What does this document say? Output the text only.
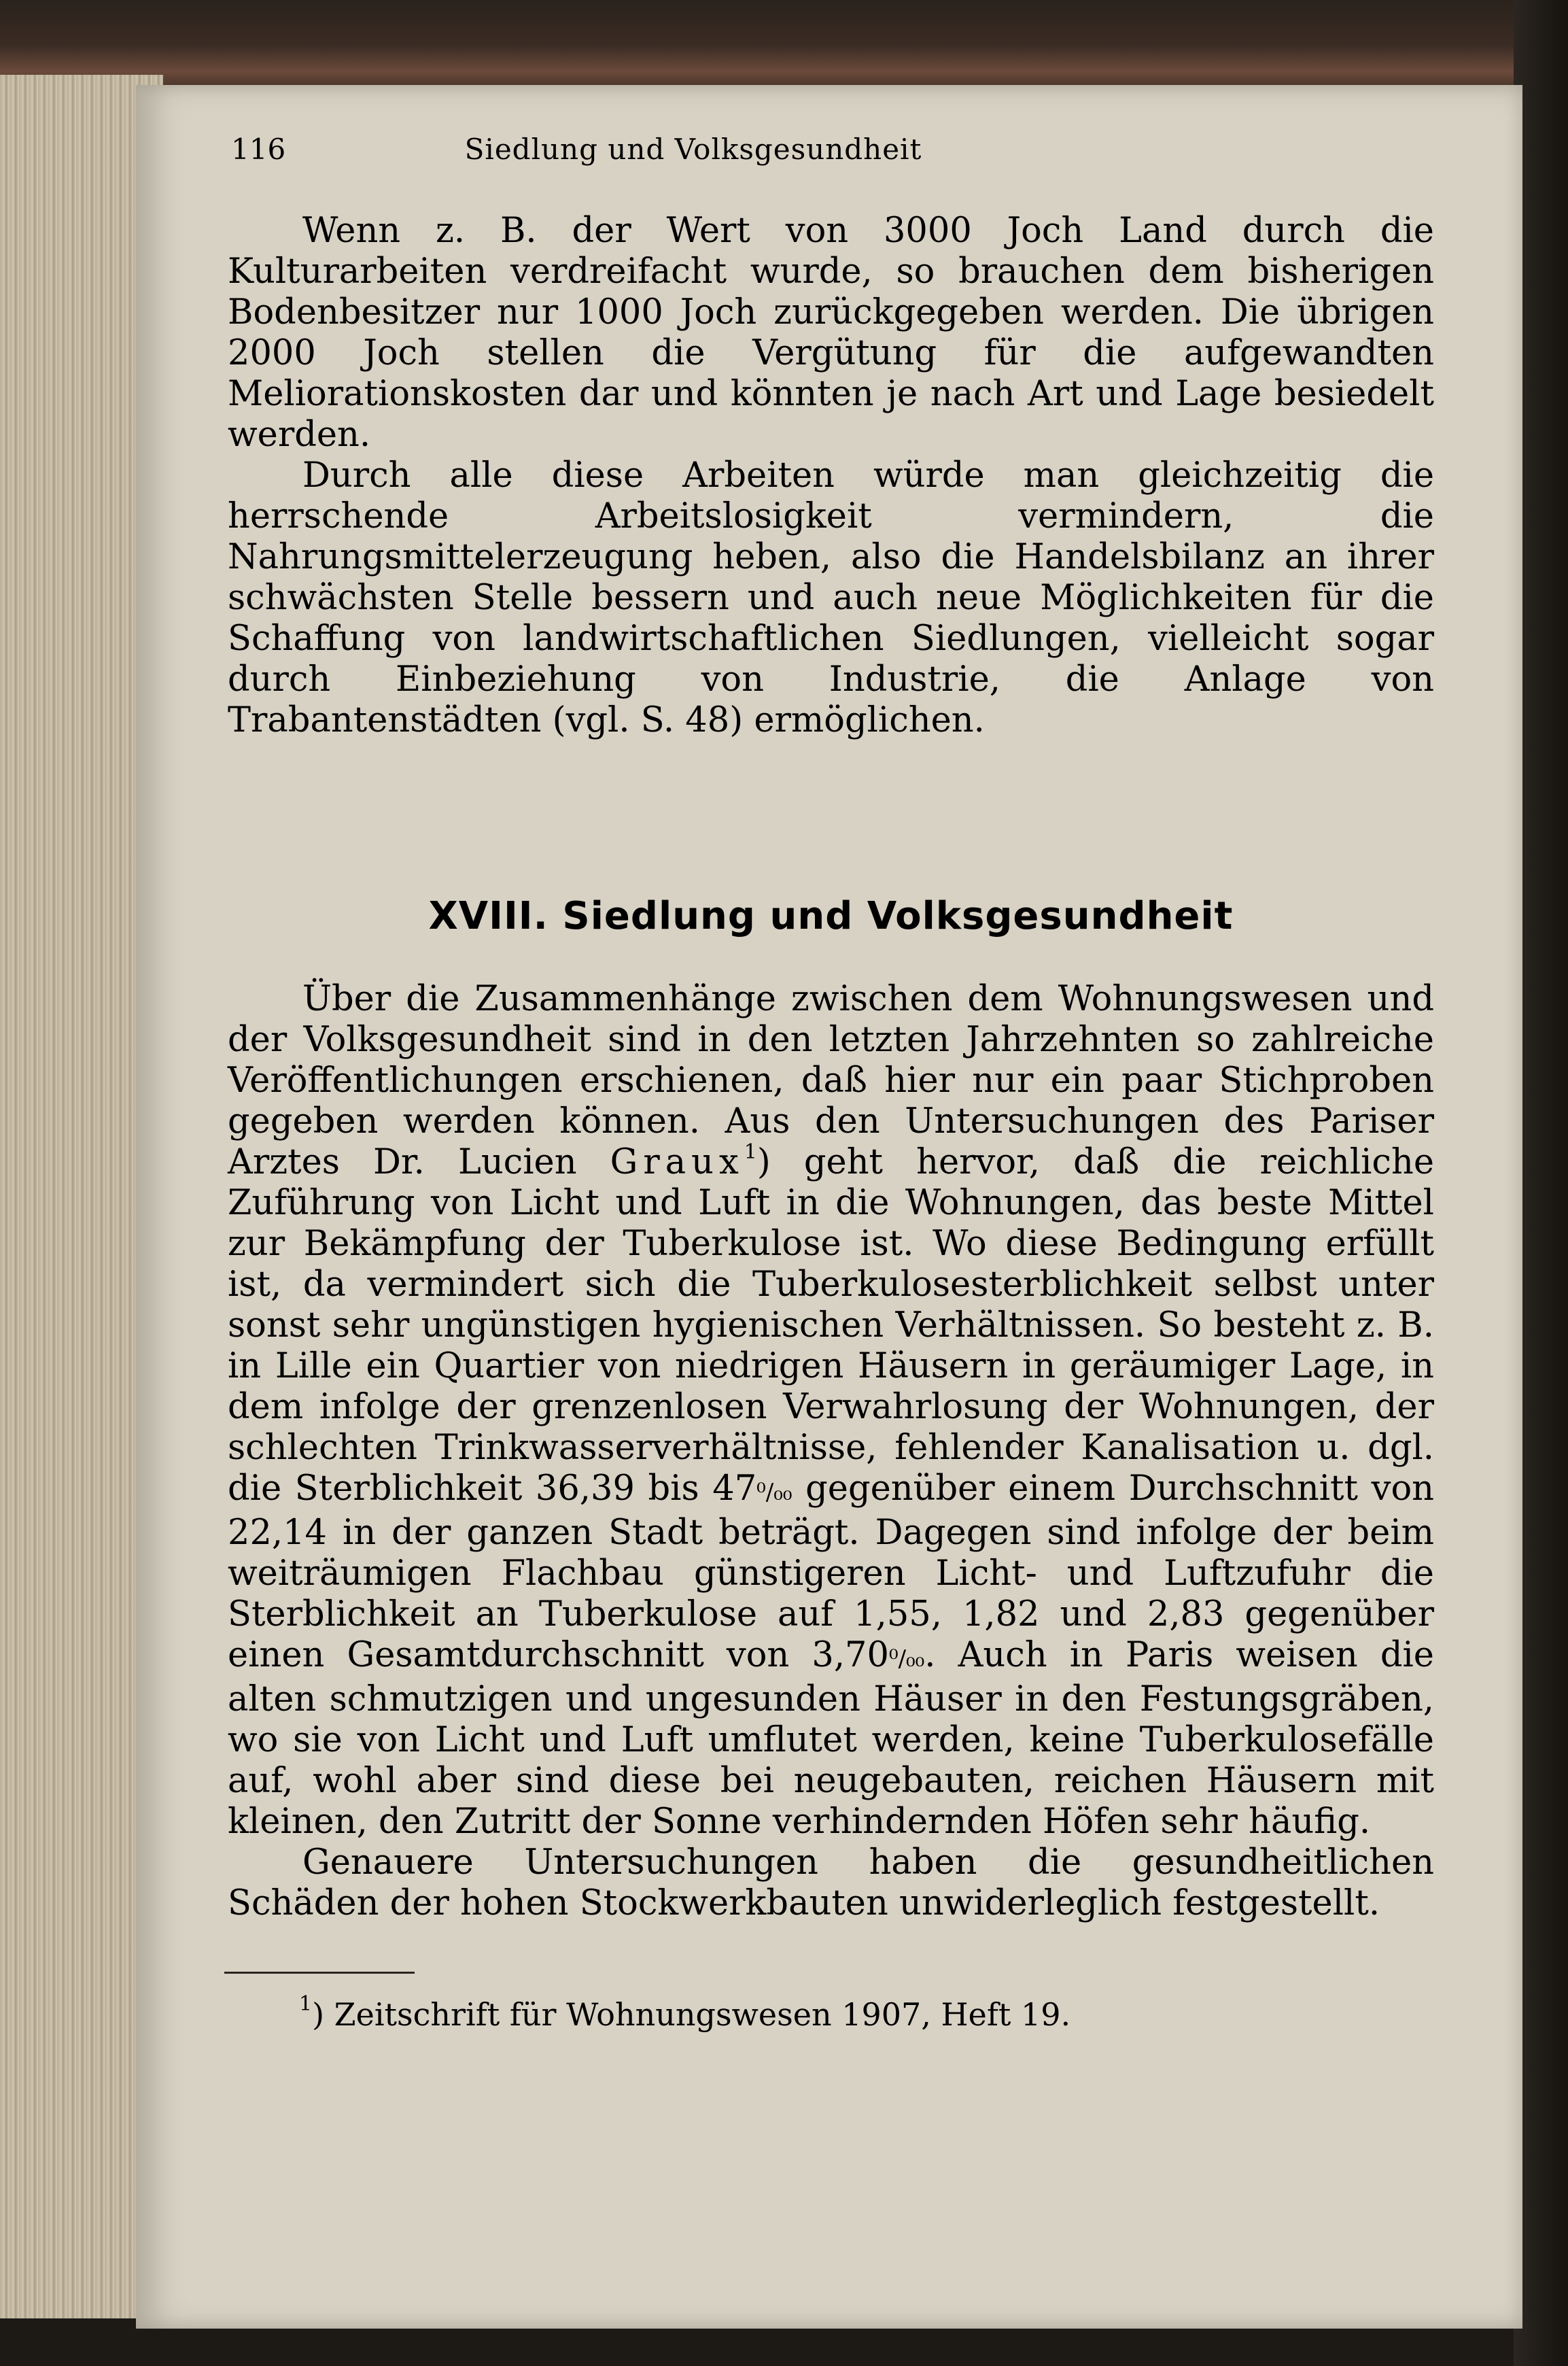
116	Siedlung und Volksgesundheit

Wenn z. B. der Wert von 3000 Joch Land durch die Kulturarbeiten verdreifacht wurde, so brauchen dem bisherigen Bodenbesitzer nur 1000 Joch zurückgegeben werden. Die übrigen 2000 Joch stellen die Vergütung für die aufgewandten Meliorationskosten dar und könnten je nach Art und Lage besiedelt werden.

Durch alle diese Arbeiten würde man gleichzeitig die herrschende Arbeitslosigkeit vermindern, die Nahrungsmittelerzeugung heben, also die Handelsbilanz an ihrer schwächsten Stelle bessern und auch neue Möglichkeiten für die Schaffung von landwirtschaftlichen Siedlungen, vielleicht sogar durch Einbeziehung von Industrie, die Anlage von Trabantenstädten (vgl. S. 48) ermöglichen.

XVIII. Siedlung und Volksgesundheit

Über die Zusammenhänge zwischen dem Wohnungswesen und der Volksgesundheit sind in den letzten Jahrzehnten so zahlreiche Veröffentlichungen erschienen, daß hier nur ein paar Stichproben gegeben werden können. Aus den Untersuchungen des Pariser Arztes Dr. Lucien Graux$^1$) geht hervor, daß die reichliche Zuführung von Licht und Luft in die Wohnungen, das beste Mittel zur Bekämpfung der Tuberkulose ist. Wo diese Bedingung erfüllt ist, da vermindert sich die Tuberkulosesterblichkeit selbst unter sonst sehr ungünstigen hygienischen Verhältnissen. So besteht z. B. in Lille ein Quartier von niedrigen Häusern in geräumiger Lage, in dem infolge der grenzenlosen Verwahrlosung der Wohnungen, der schlechten Trinkwasserverhältnisse, fehlender Kanalisation u. dgl. die Sterblichkeit 36,39 bis 47⁰/₀₀ gegenüber einem Durchschnitt von 22,14 in der ganzen Stadt beträgt. Dagegen sind infolge der beim weiträumigen Flachbau günstigeren Licht- und Luftzufuhr die Sterblichkeit an Tuberkulose auf 1,55, 1,82 und 2,83 gegenüber einen Gesamtdurchschnitt von 3,70⁰/₀₀. Auch in Paris weisen die alten schmutzigen und ungesunden Häuser in den Festungsgräben, wo sie von Licht und Luft umflutet werden, keine Tuberkulosefälle auf, wohl aber sind diese bei neugebauten, reichen Häusern mit kleinen, den Zutritt der Sonne verhindernden Höfen sehr häufig.

Genauere Untersuchungen haben die gesundheitlichen Schäden der hohen Stockwerkbauten unwiderleglich festgestellt.

$^1$) Zeitschrift für Wohnungswesen 1907, Heft 19.
